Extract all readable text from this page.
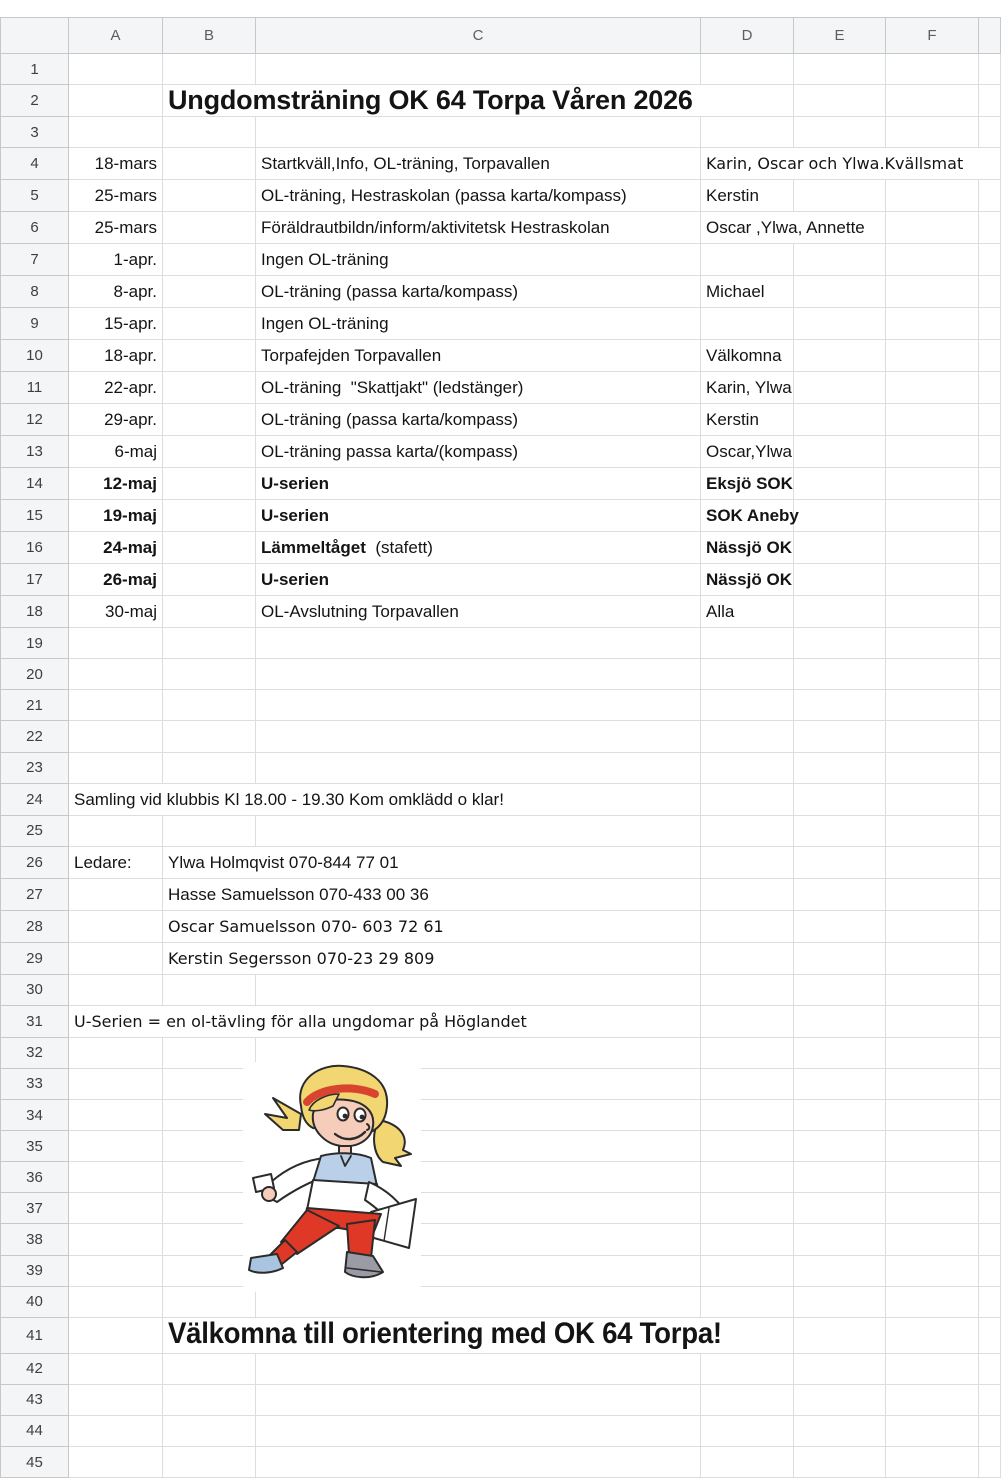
	A	B	C	D	E	F	
1							
2		Ungdomsträning OK 64 Torpa Våren 2026					
3							
4	18-mars		Startkväll,Info, OL-träning, Torpavallen	Karin, Oscar och Ylwa.Kvällsmat			
5	25-mars		OL-träning, Hestraskolan (passa karta/kompass)	Kerstin			
6	25-mars		Föräldrautbildn/inform/aktivitetsk Hestraskolan	Oscar ,Ylwa, Annette			
7	1-apr.		Ingen OL-träning				
8	8-apr.		OL-träning (passa karta/kompass)	Michael			
9	15-apr.		Ingen OL-träning				
10	18-apr.		Torpafejden Torpavallen	Välkomna			
11	22-apr.		OL-träning  "Skattjakt" (ledstänger)	Karin, Ylwa			
12	29-apr.		OL-träning (passa karta/kompass)	Kerstin			
13	6-maj		OL-träning passa karta/(kompass)	Oscar,Ylwa			
14	12-maj		U-serien	Eksjö SOK			
15	19-maj		U-serien	SOK Aneby			
16	24-maj		Lämmeltåget  (stafett)	Nässjö OK			
17	26-maj		U-serien	Nässjö OK			
18	30-maj		OL-Avslutning Torpavallen	Alla			
19							
20							
21							
22							
23							
24	Samling vid klubbis Kl 18.00 - 19.30 Kom omklädd o klar!						
25							
26	Ledare:	Ylwa Holmqvist 070-844 77 01					
27		Hasse Samuelsson 070-433 00 36					
28		Oscar Samuelsson 070- 603 72 61					
29		Kerstin Segersson 070-23 29 809					
30							
31	U-Serien = en ol-tävling för alla ungdomar på Höglandet						
32							
33							
34							
35							
36							
37							
38							
39							
40							
41		Välkomna till orientering med OK 64 Torpa!					
42							
43							
44							
45							
